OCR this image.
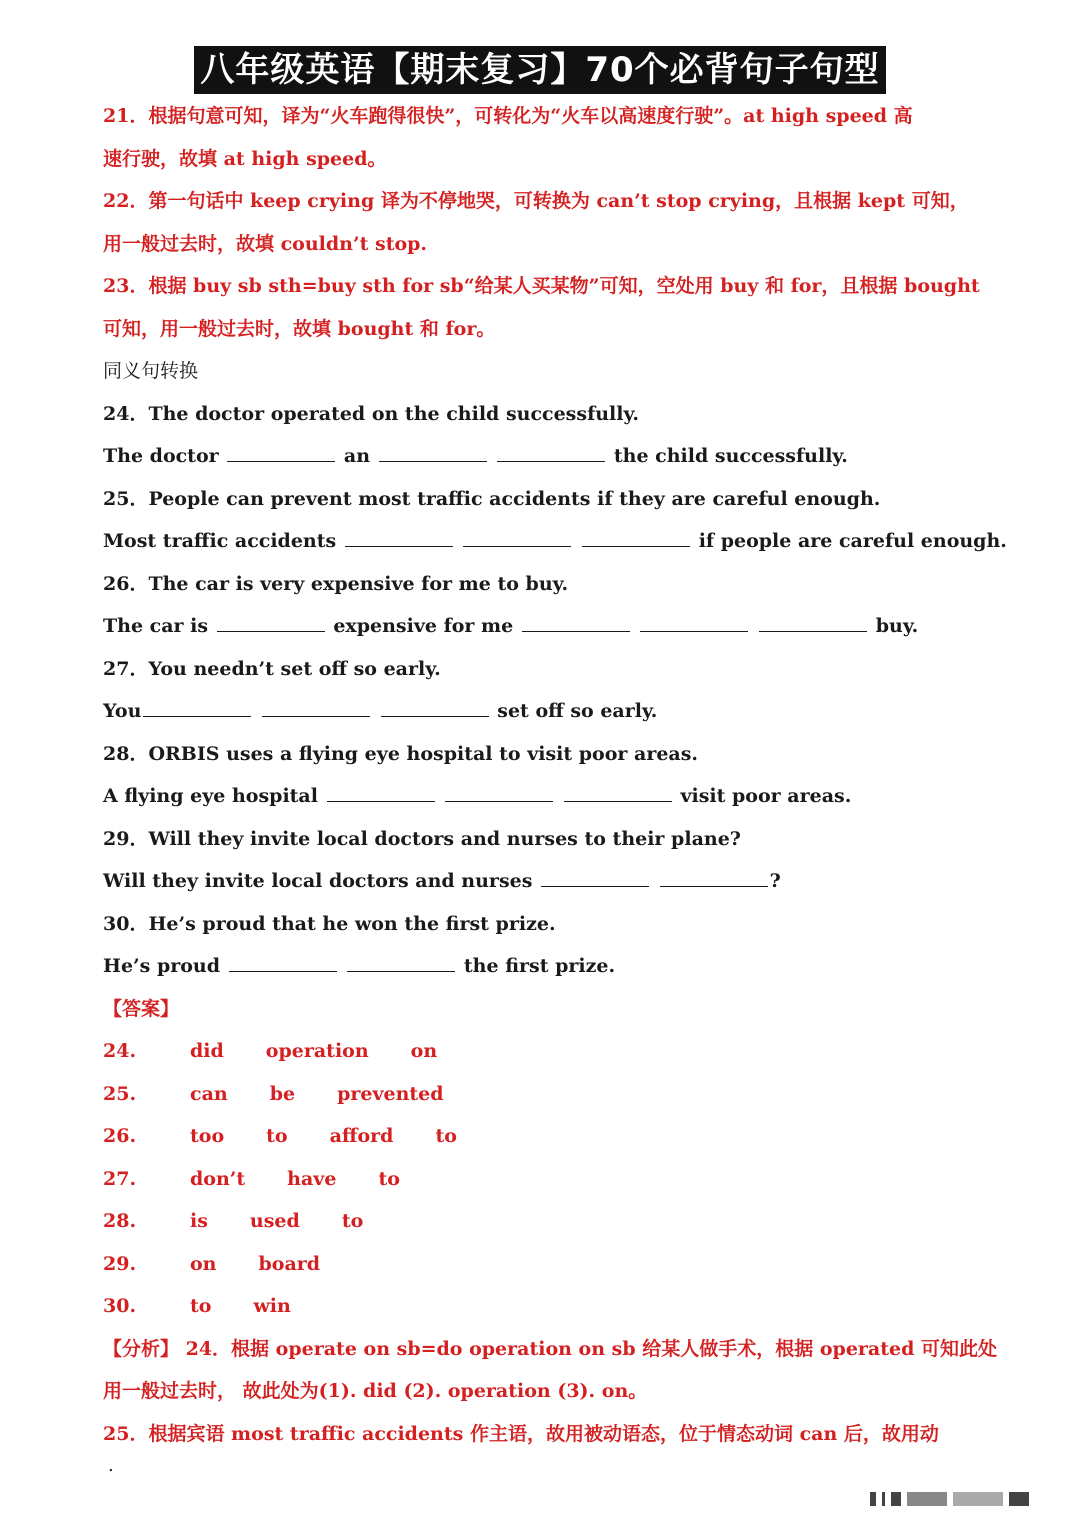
八年级英语【期末复习】70个必背句子句型
21．根据句意可知，译为“火车跑得很快”，可转化为“火车以高速度行驶”。at high speed 高
速行驶，故填 at high speed。
22．第一句话中 keep crying 译为不停地哭，可转换为 can’t stop crying，且根据 kept 可知，
用一般过去时，故填 couldn’t stop.
23．根据 buy sb sth=buy sth for sb“给某人买某物”可知，空处用 buy 和 for，且根据 bought
可知，用一般过去时，故填 bought 和 for。
同义句转换
24．The doctor operated on the child successfully.
The doctor	an	the child successfully.
25．People can prevent most traffic accidents if they are careful enough.
Most traffic accidents	if people are careful enough.
26．The car is very expensive for me to buy.
The car is	expensive for me	buy.
27．You needn’t set off so early.
You	set off so early.
28．ORBIS uses a flying eye hospital to visit poor areas.
A flying eye hospital	visit poor areas.
29．Will they invite local doctors and nurses to their plane?
Will they invite local doctors and nurses	?
30．He’s proud that he won the first prize.
He’s proud	the first prize.
【答案】
24.	did operation on
25.	can be prevented
26.	too to afford to
27.	don’t have to
28.	is used to
29.	on board
30.	to win
【分析】 24．根据 operate on sb=do operation on sb 给某人做手术，根据 operated 可知此处
用一般过去时， 故此处为(1). did (2). operation (3). on。
25．根据宾语 most traffic accidents 作主语，故用被动语态，位于情态动词 can 后，故用动
.
